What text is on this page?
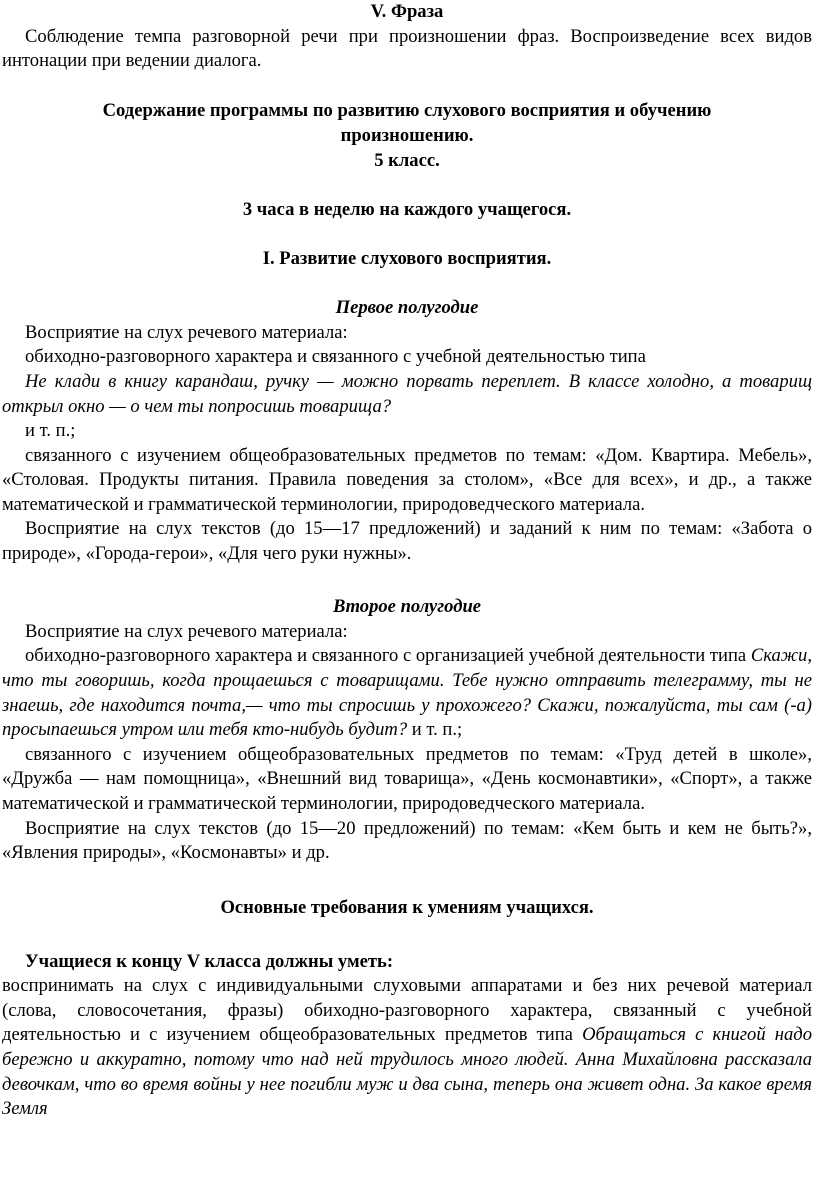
V. Фраза

Соблюдение темпа разговорной речи при произношении фраз. Воспроизведение всех видов интонации при ведении диалога.

Содержание программы по развитию слухового восприятия и обучению

произношению.

5 класс.

3 часа в неделю на каждого учащегося.

I. Развитие слухового восприятия.

Первое полугодие

Восприятие на слух речевого материала:

обиходно-разговорного характера и связанного с учебной деятельностью типа

Не клади в книгу карандаш, ручку — можно порвать переплет. В классе холодно, а товарищ открыл окно — о чем ты попросишь товарища?

и т. п.;

связанного с изучением общеобразовательных предметов по темам: «Дом. Квартира. Мебель», «Столовая. Продукты питания. Правила поведения за столом», «Все для всех», и др., а также математической и грамматической терминологии, природоведческого материала.

Восприятие на слух текстов (до 15—17 предложений) и заданий к ним по темам: «Забота о природе», «Города-герои», «Для чего руки нужны».

Второе полугодие

Восприятие на слух речевого материала:

обиходно-разговорного характера и связанного с организацией учебной деятельности типа Скажи, что ты говоришь, когда прощаешься с товарищами. Тебе нужно отправить телеграмму, ты не знаешь, где находится почта,— что ты спросишь у прохожего? Скажи, пожалуйста, ты сам (-а) просыпаешься утром или тебя кто-нибудь будит? и т. п.;

связанного с изучением общеобразовательных предметов по темам: «Труд детей в школе», «Дружба — нам помощница», «Внешний вид товарища», «День космонавтики», «Спорт», а также математической и грамматической терминологии, природоведческого материала.

Восприятие на слух текстов (до 15—20 предложений) по темам: «Кем быть и кем не быть?», «Явления природы», «Космонавты» и др.

Основные требования к умениям учащихся.

Учащиеся к концу V класса должны уметь:

воспринимать на слух с индивидуальными слуховыми аппаратами и без них речевой материал (слова, словосочетания, фразы) обиходно-разговорного характера, связанный с учебной деятельностью и с изучением общеобразовательных предметов типа Обращаться с книгой надо бережно и аккуратно, потому что над ней трудилось много людей. Анна Михайловна рассказала девочкам, что во время войны у нее погибли муж и два сына, теперь она живет одна. За какое время Земля
